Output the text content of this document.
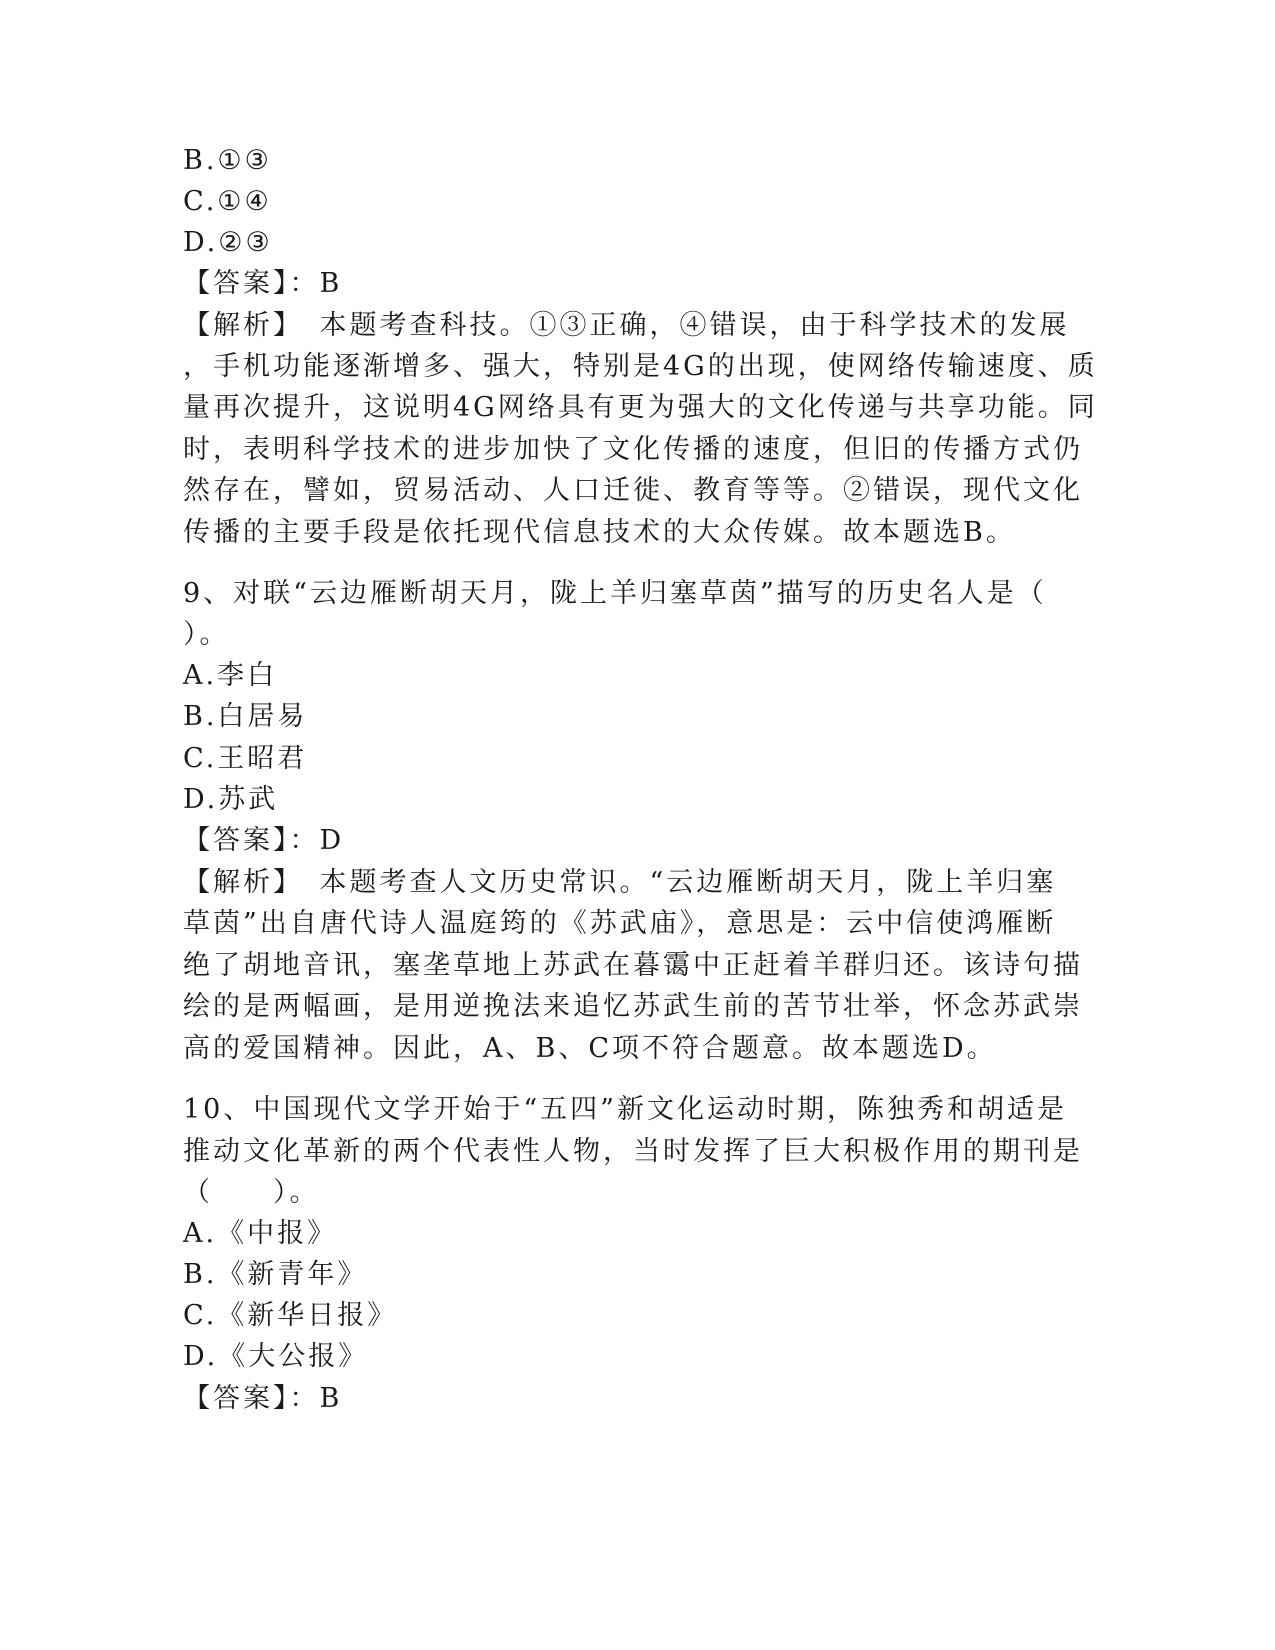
B.①③
C.①④
D.②③
【答案】：B
【解析】　本题考查科技。①③正确，④错误，由于科学技术的发展
，手机功能逐渐增多、强大，特别是4G的出现，使网络传输速度、质
量再次提升，这说明4G网络具有更为强大的文化传递与共享功能。同
时，表明科学技术的进步加快了文化传播的速度，但旧的传播方式仍
然存在，譬如，贸易活动、人口迁徙、教育等等。②错误，现代文化
传播的主要手段是依托现代信息技术的大众传媒。故本题选B。
9、对联“云边雁断胡天月，陇上羊归塞草茵”描写的历史名人是（
）。
A.李白
B.白居易
C.王昭君
D.苏武
【答案】：D
【解析】　本题考查人文历史常识。“云边雁断胡天月，陇上羊归塞
草茵”出自唐代诗人温庭筠的《苏武庙》，意思是：云中信使鸿雁断
绝了胡地音讯，塞垄草地上苏武在暮霭中正赶着羊群归还。该诗句描
绘的是两幅画，是用逆挽法来追忆苏武生前的苦节壮举，怀念苏武崇
高的爱国精神。因此，A、B、C项不符合题意。故本题选D。
10、中国现代文学开始于“五四”新文化运动时期，陈独秀和胡适是
推动文化革新的两个代表性人物，当时发挥了巨大积极作用的期刊是
（　　）。
A.《中报》
B.《新青年》
C.《新华日报》
D.《大公报》
【答案】：B
